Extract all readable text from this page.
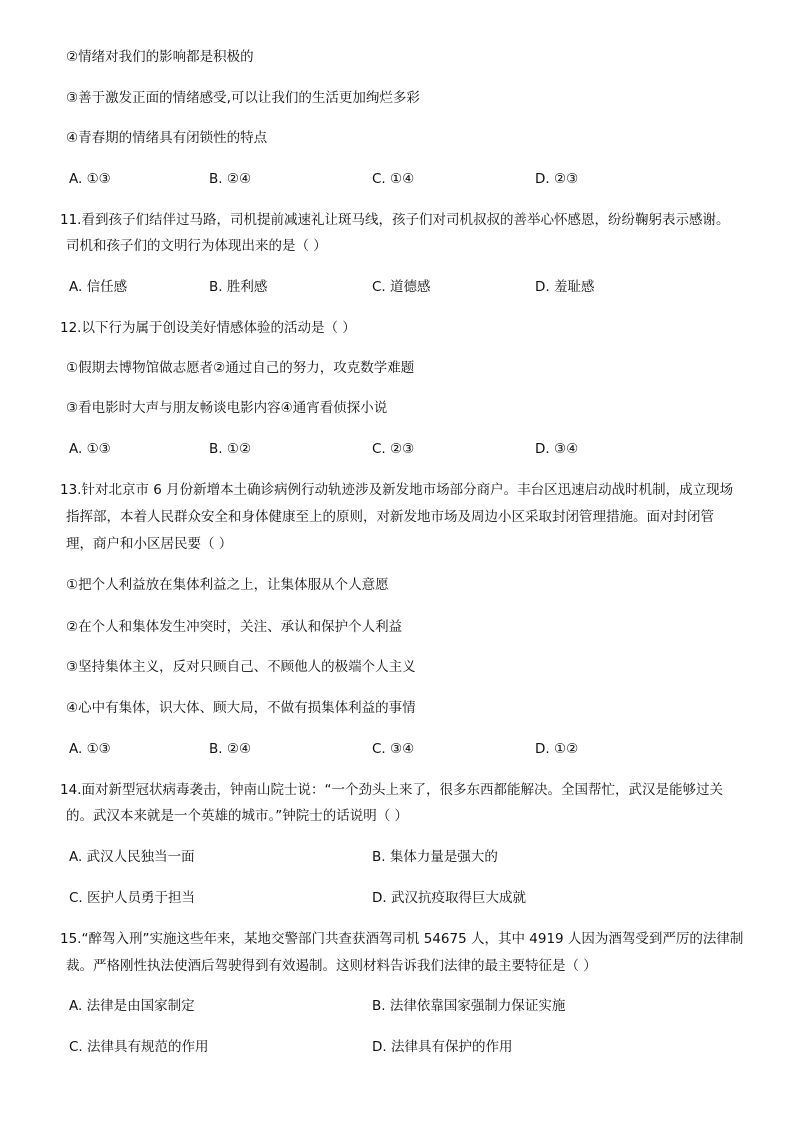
②情绪对我们的影响都是积极的
③善于激发正面的情绪感受,可以让我们的生活更加绚烂多彩
④青春期的情绪具有闭锁性的特点
A. ①③	B. ②④	C. ①④	D. ②③
11.看到孩子们结伴过马路，司机提前减速礼让斑马线，孩子们对司机叔叔的善举心怀感恩，纷纷鞠躬表示感谢。
司机和孩子们的文明行为体现出来的是（ ）
A. 信任感	B. 胜利感	C. 道德感	D. 羞耻感
12.以下行为属于创设美好情感体验的活动是（ ）
①假期去博物馆做志愿者②通过自己的努力，攻克数学难题
③看电影时大声与朋友畅谈电影内容④通宵看侦探小说
A. ①③	B. ①②	C. ②③	D. ③④
13.针对北京市 6 月份新增本土确诊病例行动轨迹涉及新发地市场部分商户。丰台区迅速启动战时机制，成立现场
指挥部，本着人民群众安全和身体健康至上的原则，对新发地市场及周边小区采取封闭管理措施。面对封闭管
理，商户和小区居民要（ ）
①把个人利益放在集体利益之上，让集体服从个人意愿
②在个人和集体发生冲突时，关注、承认和保护个人利益
③坚持集体主义，反对只顾自己、不顾他人的极端个人主义
④心中有集体，识大体、顾大局，不做有损集体利益的事情
A. ①③	B. ②④	C. ③④	D. ①②
14.面对新型冠状病毒袭击，钟南山院士说：“一个劲头上来了，很多东西都能解决。全国帮忙，武汉是能够过关
的。武汉本来就是一个英雄的城市。”钟院士的话说明（ ）
A. 武汉人民独当一面	B. 集体力量是强大的
C. 医护人员勇于担当	D. 武汉抗疫取得巨大成就
15.“醉驾入刑”实施这些年来，某地交警部门共查获酒驾司机 54675 人，其中 4919 人因为酒驾受到严厉的法律制
裁。严格刚性执法使酒后驾驶得到有效遏制。这则材料告诉我们法律的最主要特征是（ ）
A. 法律是由国家制定	B. 法律依靠国家强制力保证实施
C. 法律具有规范的作用	D. 法律具有保护的作用
